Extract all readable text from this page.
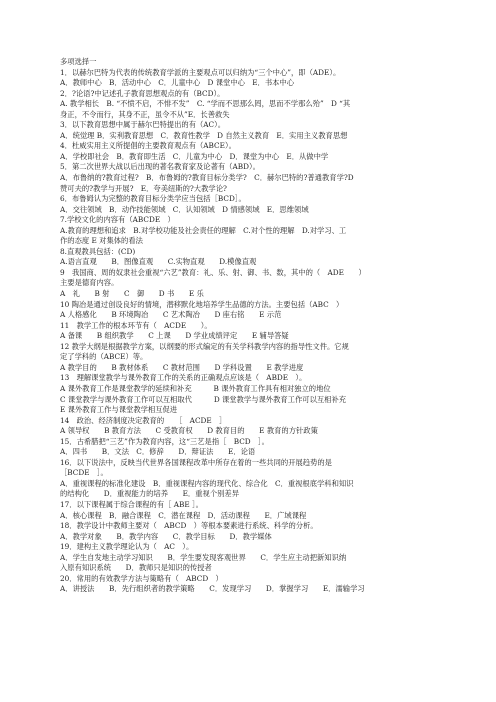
多项选择一
1．以赫尔巴特为代表的传统教育学派的主要观点可以归纳为“三个中心”，即（ADE）。
A．教师中心　B．活动中心　C．儿童中心　D 课堂中心　E．书本中心
2．?论语?中记述孔子教育思想观点的有（BCD）。
A. 教学相长　B. “不愤不启，不悱不发”　C. “学而不思那么罔，思而不学那么殆”　D “其
身正，不令而行，其身不正，虽令不从”E．长善救失
3．以下教育思想中属于赫尔巴特提出的有（AC）。
A．统觉理 B．实利教育思想　C．教育性教学　D 自然主义教育　E．实用主义教育思想
4．杜威实用主义所提倡的主要教育观点有（ABCE）。
A．学校即社会　B．教育即生活　C．儿童为中心　D．课堂为中心　E．从做中学
5．第二次世界大战以后出现的著名教育家及论著有（ABD）。
A．布鲁纳的?教育过程?　B．布鲁姆的?教育目标分类学?　C．赫尔巴特的?普通教育学?D
赞可夫的?教学与开展?　E．夸美纽斯的?大教学论?
6．布鲁姆认为完整的教育目标分类学应当包括［BCD］。
A．交往领域　B．动作技能领域　C．认知领域　D 情感领域　E．思维领域
7.学校文化的内容有（ABCDE　）
A.教育的理想和追求　B.对学校功能及社会责任的理解　C.对个性的理解　D.对学习、工
作的态度 E 对集体的看法
8.直观教具包括：(CD)
A.语言直观　　B．图像直观　　C.实物直观　　D.模像直观
9　我国商、周的奴隶社会重视“六艺”教育：礼、乐、射、御、书、数，其中的（　ADE　　）
主要是德育内容。
A　礼　　B 射　　C　御　　D 书　　E 乐
10 陶冶是通过创设良好的情境，潜移默化地培养学生品德的方法。主要包括（ABC　）
A 人格感化　　B 环境陶冶　　C 艺术陶冶　　D 座右铭　　E 示范
11　教学工作的根本环节有（　ACDE　　）。
A 备课　　B 组织教学　　C 上课　　D 学业成绩评定　　E 辅导答疑
12 教学大纲是根据教学方案，以纲要的形式编定的有关学科教学内容的指导性文件。它规
定了学科的（ABCE）等。
A 教学目的　　B 教材体系　　C 教材范围　　D 学科设置　　E 教学进度
13　理解课堂教学与课外教育工作的关系的正确观点应该是（　ABDE　）。
A 课外教育工作是课堂教学的延续和补充　　　B 课外教育工作具有相对独立的地位
C 课堂教学与课外教育工作可以互相取代　　　D 课堂教学与课外教育工作可以互相补充
E 课外教育工作与课堂教学相互促进
14　政治、经济制度决定教育的　　［　ACDE　］
A 领导权　　B 教育方法　　C 受教育权　　D 教育目的　　E 教育的方针政策
15．古希腊把“三艺”作为教育内容，这“三艺是指［　BCD　］。
A．四书　　B．文法　C．修辞　　D．辩证法　　E．论语
16．以下说法中，反映当代世界各国课程改革中所存在着的一些共同的开展趋势的是
［BCDE　］。
A．重视课程的标准化建设　B．重视课程内容的现代化、综合化　C．重视根底学科和知识
的结构化　　D．重视能力的培养　　E．重视个别差异
17．以下课程属于综合课程的有［ ABE ］。
A．核心课程　B．融合课程　C．潜在课程　D．活动课程　　E．广域课程
18．教学设计中教师主要对（　ABCD　）等根本要素进行系统、科学的分析。
A．教学对象　　B．教学内容　　C．教学目标　　D．教学媒体
19．建构主义教学理论认为（　AC　）。
A．学生自发地主动学习知识　　B．学生要发现客观世界　　C．学生应主动把新知识纳
入原有知识系统　　D．教师只是知识的传授者
20．常用的有效教学方法与策略有（　ABCD　）
A．讲授法　　B．先行组织者的教学策略　　C．发现学习　　D．掌握学习　　E．濡输学习
